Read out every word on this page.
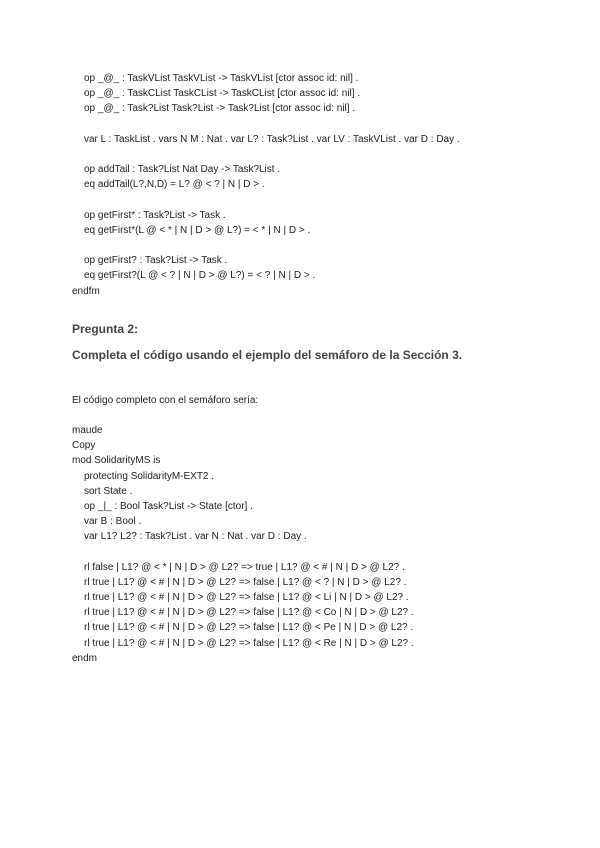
op _@_ : TaskVList TaskVList -> TaskVList [ctor assoc id: nil] .
op _@_ : TaskCList TaskCList -> TaskCList [ctor assoc id: nil] .
op _@_ : Task?List Task?List -> Task?List [ctor assoc id: nil] .
var L : TaskList . vars N M : Nat . var L? : Task?List . var LV : TaskVList . var D : Day .
op addTail : Task?List Nat Day -> Task?List .
eq addTail(L?,N,D) = L? @ < ? | N | D > .
op getFirst* : Task?List -> Task .
eq getFirst*(L @ < * | N | D > @ L?) = < * | N | D > .
op getFirst? : Task?List -> Task .
eq getFirst?(L @ < ? | N | D > @ L?) = < ? | N | D > .
endfm
Pregunta 2:
Completa el código usando el ejemplo del semáforo de la Sección 3.
El código completo con el semáforo sería:
maude
Copy
mod SolidarityMS is
protecting SolidarityM-EXT2 .
sort State .
op _|_ : Bool Task?List -> State [ctor] .
var B : Bool .
var L1? L2? : Task?List . var N : Nat . var D : Day .
rl false | L1? @ < * | N | D > @ L2? => true | L1? @ < # | N | D > @ L2? .
rl true | L1? @ < # | N | D > @ L2? => false | L1? @ < ? | N | D > @ L2? .
rl true | L1? @ < # | N | D > @ L2? => false | L1? @ < Li | N | D > @ L2? .
rl true | L1? @ < # | N | D > @ L2? => false | L1? @ < Co | N | D > @ L2? .
rl true | L1? @ < # | N | D > @ L2? => false | L1? @ < Pe | N | D > @ L2? .
rl true | L1? @ < # | N | D > @ L2? => false | L1? @ < Re | N | D > @ L2? .
endm
